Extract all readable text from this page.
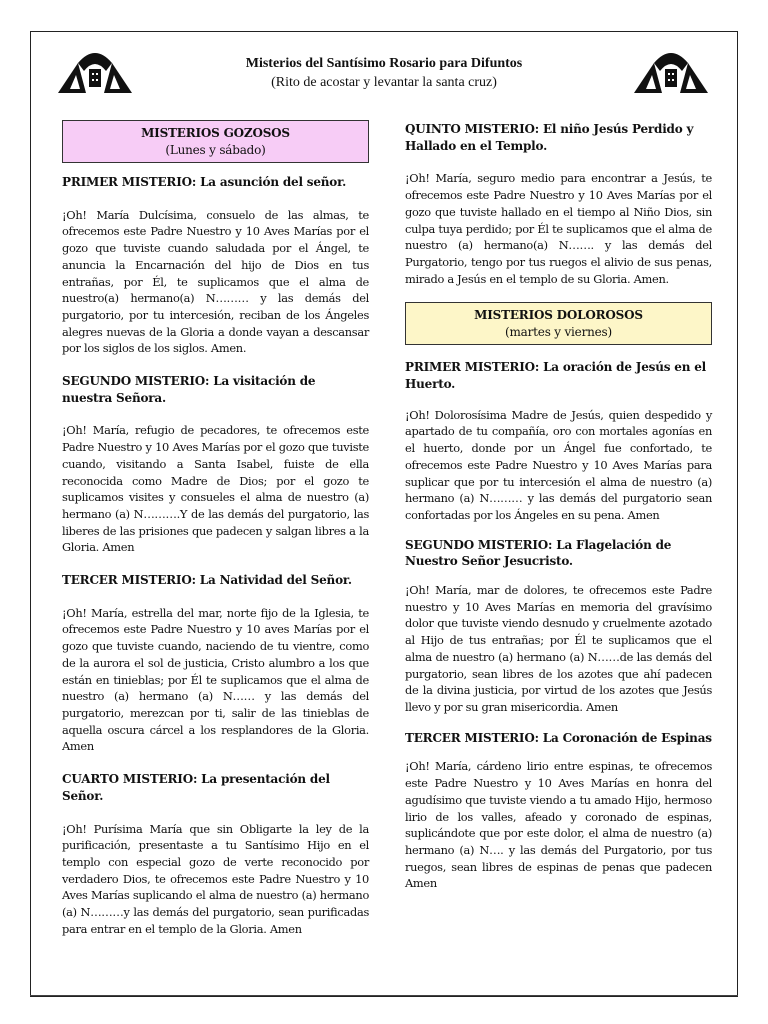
Misterios del Santísimo Rosario para Difuntos
(Rito de acostar y levantar la santa cruz)
MISTERIOS GOZOSOS
(Lunes y sábado)
PRIMER MISTERIO: La asunción del señor.
¡Oh! María Dulcísima, consuelo de las almas, te ofrecemos este Padre Nuestro y 10 Aves Marías por el gozo que tuviste cuando saludada por el Ángel, te anuncia la Encarnación del hijo de Dios en tus entrañas, por Él, te suplicamos que el alma de nuestro(a) hermano(a) N……… y las demás del purgatorio, por tu intercesión, reciban de los Ángeles alegres nuevas de la Gloria a donde vayan a descansar por los siglos de los siglos. Amen.
SEGUNDO MISTERIO: La visitación de nuestra Señora.
¡Oh! María, refugio de pecadores, te ofrecemos este Padre Nuestro y 10 Aves Marías por el gozo que tuviste cuando, visitando a Santa Isabel, fuiste de ella reconocida como Madre de Dios; por el gozo te suplicamos visites y consueles el alma de nuestro (a) hermano (a) N……….Y de las demás del purgatorio, las liberes de las prisiones que padecen y salgan libres a la Gloria. Amen
TERCER MISTERIO: La Natividad del Señor.
¡Oh! María, estrella del mar, norte fijo de la Iglesia, te ofrecemos este Padre Nuestro y 10 aves Marías por el gozo que tuviste cuando, naciendo de tu vientre, como de la aurora el sol de justicia, Cristo alumbro a los que están en tinieblas; por Él te suplicamos que el alma de nuestro (a) hermano (a) N…… y las demás del purgatorio, merezcan por ti, salir de las tinieblas de aquella oscura cárcel a los resplandores de la Gloria. Amen
CUARTO MISTERIO: La presentación del Señor.
¡Oh! Purísima María que sin Obligarte la ley de la purificación, presentaste a tu Santísimo Hijo en el templo con especial gozo de verte reconocido por verdadero Dios, te ofrecemos este Padre Nuestro y 10 Aves Marías suplicando el alma de nuestro (a) hermano (a) N………y las demás del purgatorio, sean purificadas para entrar en el templo de la Gloria. Amen
QUINTO MISTERIO: El niño Jesús Perdido y Hallado en el Templo.
¡Oh! María, seguro medio para encontrar a Jesús, te ofrecemos este Padre Nuestro y 10 Aves Marías por el gozo que tuviste hallado en el tiempo al Niño Dios, sin culpa tuya perdido; por Él te suplicamos que el alma de nuestro (a) hermano(a) N……. y las demás del Purgatorio, tengo por tus ruegos el alivio de sus penas, mirado a Jesús en el templo de su Gloria. Amen.
MISTERIOS DOLOROSOS
(martes y viernes)
PRIMER MISTERIO: La oración de Jesús en el Huerto.
¡Oh! Dolorosísima Madre de Jesús, quien despedido y apartado de tu compañía, oro con mortales agonías en el huerto, donde por un Ángel fue confortado, te ofrecemos este Padre Nuestro y 10 Aves Marías para suplicar que por tu intercesión el alma de nuestro (a) hermano (a) N……… y las demás del purgatorio sean confortadas por los Ángeles en su pena. Amen
SEGUNDO MISTERIO: La Flagelación de Nuestro Señor Jesucristo.
¡Oh! María, mar de dolores, te ofrecemos este Padre nuestro y 10 Aves Marías en memoria del gravísimo dolor que tuviste viendo desnudo y cruelmente azotado al Hijo de tus entrañas; por Él te suplicamos que el alma de nuestro (a) hermano (a) N……de las demás del purgatorio, sean libres de los azotes que ahí padecen de la divina justicia, por virtud de los azotes que Jesús llevo y por su gran misericordia. Amen
TERCER MISTERIO: La Coronación de Espinas
¡Oh! María, cárdeno lirio entre espinas, te ofrecemos este Padre Nuestro y 10 Aves Marías en honra del agudísimo que tuviste viendo a tu amado Hijo, hermoso lirio de los valles, afeado y coronado de espinas, suplicándote que por este dolor, el alma de nuestro (a) hermano (a) N…. y las demás del Purgatorio, por tus ruegos, sean libres de espinas de penas que padecen Amen
